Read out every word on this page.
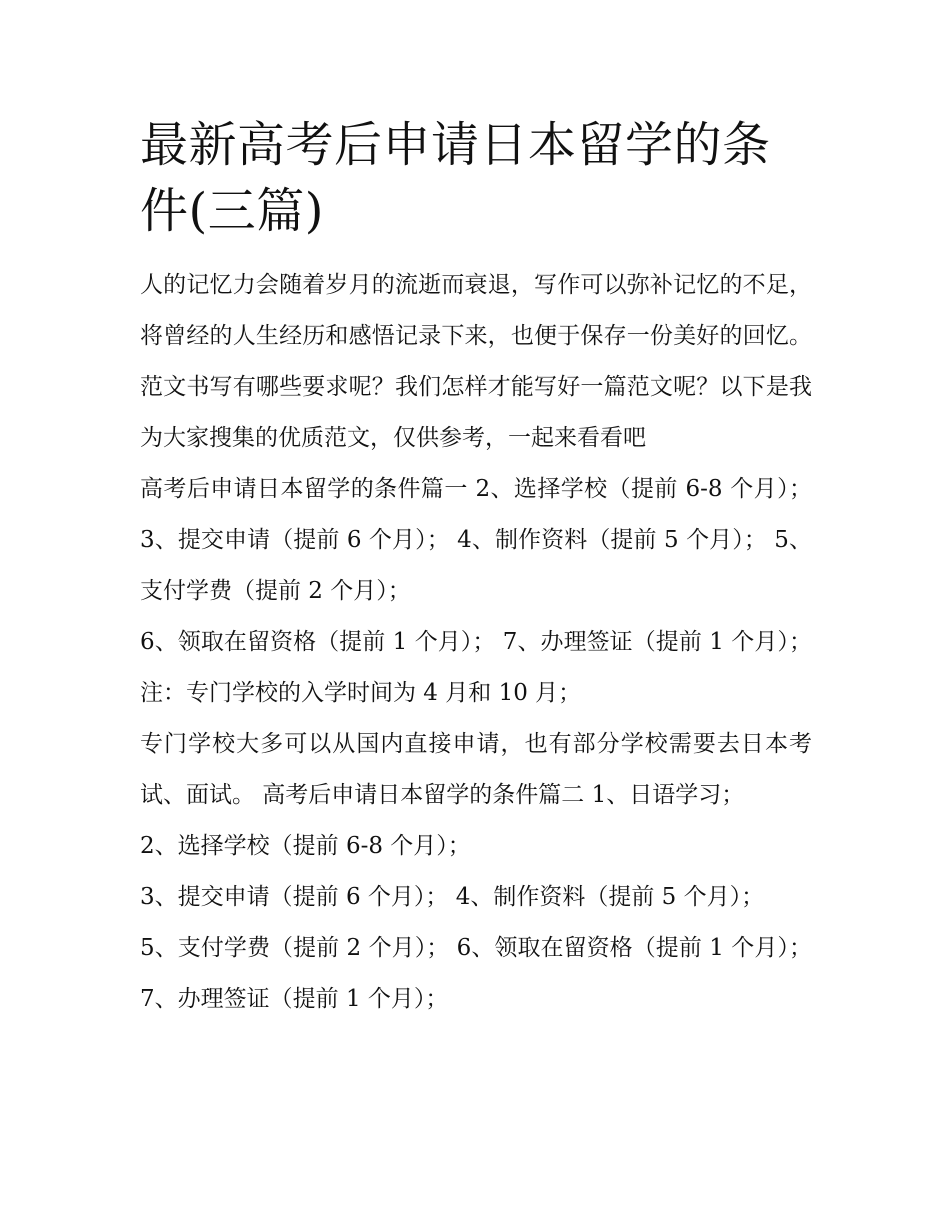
最新高考后申请日本留学的条件(三篇)

人的记忆力会随着岁月的流逝而衰退，写作可以弥补记忆的不足，将曾经的人生经历和感悟记录下来，也便于保存一份美好的回忆。范文书写有哪些要求呢？我们怎样才能写好一篇范文呢？以下是我为大家搜集的优质范文，仅供参考，一起来看看吧

高考后申请日本留学的条件篇一 2、选择学校（提前 6-8 个月）； 3、提交申请（提前 6 个月）； 4、制作资料（提前 5 个月）； 5、支付学费（提前 2 个月）；

6、领取在留资格（提前 1 个月）； 7、办理签证（提前 1 个月）； 注：专门学校的入学时间为 4 月和 10 月；

专门学校大多可以从国内直接申请，也有部分学校需要去日本考试、面试。 高考后申请日本留学的条件篇二 1、日语学习；

2、选择学校（提前 6-8 个月）；

3、提交申请（提前 6 个月）； 4、制作资料（提前 5 个月）；

5、支付学费（提前 2 个月）； 6、领取在留资格（提前 1 个月）； 7、办理签证（提前 1 个月）；
